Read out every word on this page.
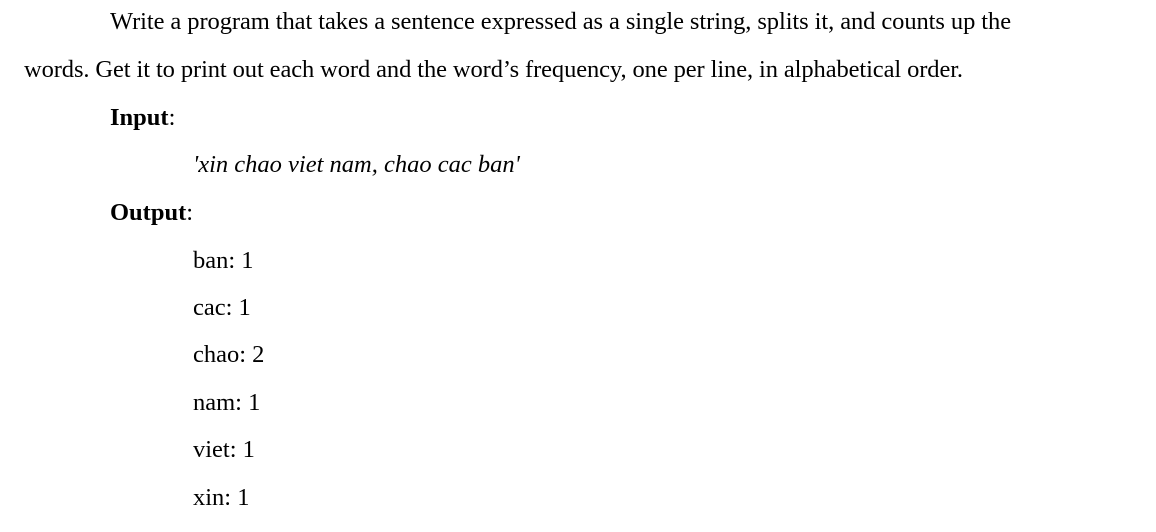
Write a program that takes a sentence expressed as a single string, splits it, and counts up the
words. Get it to print out each word and the word’s frequency, one per line, in alphabetical order.
Input:
'xin chao viet nam, chao cac ban'
Output:
ban: 1
cac: 1
chao: 2
nam: 1
viet: 1
xin: 1
